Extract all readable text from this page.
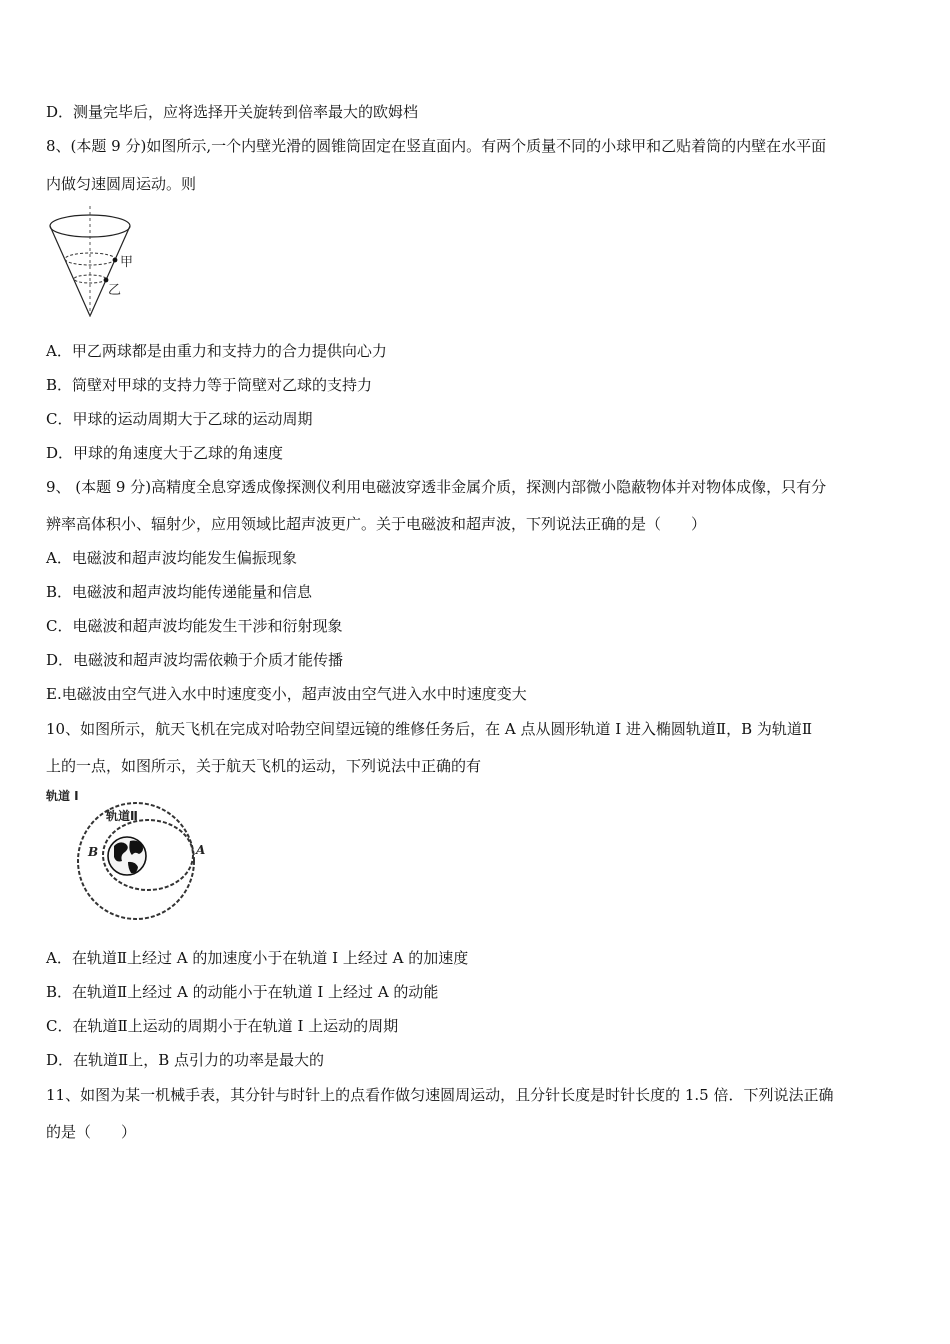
D．测量完毕后，应将选择开关旋转到倍率最大的欧姆档
8、(本题 9 分)如图所示,一个内壁光滑的圆锥筒固定在竖直面内。有两个质量不同的小球甲和乙贴着筒的内壁在水平面
内做匀速圆周运动。则
甲
乙
A．甲乙两球都是由重力和支持力的合力提供向心力
B．筒壁对甲球的支持力等于筒壁对乙球的支持力
C．甲球的运动周期大于乙球的运动周期
D．甲球的角速度大于乙球的角速度
9、 (本题 9 分)高精度全息穿透成像探测仪利用电磁波穿透非金属介质，探测内部微小隐蔽物体并对物体成像，只有分
辨率高体积小、辐射少，应用领域比超声波更广。关于电磁波和超声波，下列说法正确的是（　　）
A．电磁波和超声波均能发生偏振现象
B．电磁波和超声波均能传递能量和信息
C．电磁波和超声波均能发生干涉和衍射现象
D．电磁波和超声波均需依赖于介质才能传播
E.电磁波由空气进入水中时速度变小，超声波由空气进入水中时速度变大
10、如图所示，航天飞机在完成对哈勃空间望远镜的维修任务后，在 A 点从圆形轨道 I 进入椭圆轨道Ⅱ，B 为轨道Ⅱ
上的一点，如图所示，关于航天飞机的运动，下列说法中正确的有
轨道 I
轨道Ⅱ
B	A
A．在轨道Ⅱ上经过 A 的加速度小于在轨道 I 上经过 A 的加速度
B．在轨道Ⅱ上经过 A 的动能小于在轨道 I 上经过 A 的动能
C．在轨道Ⅱ上运动的周期小于在轨道 I 上运动的周期
D．在轨道Ⅱ上，B 点引力的功率是最大的
11、如图为某一机械手表，其分针与时针上的点看作做匀速圆周运动，且分针长度是时针长度的 1.5 倍．下列说法正确
的是（　　）
